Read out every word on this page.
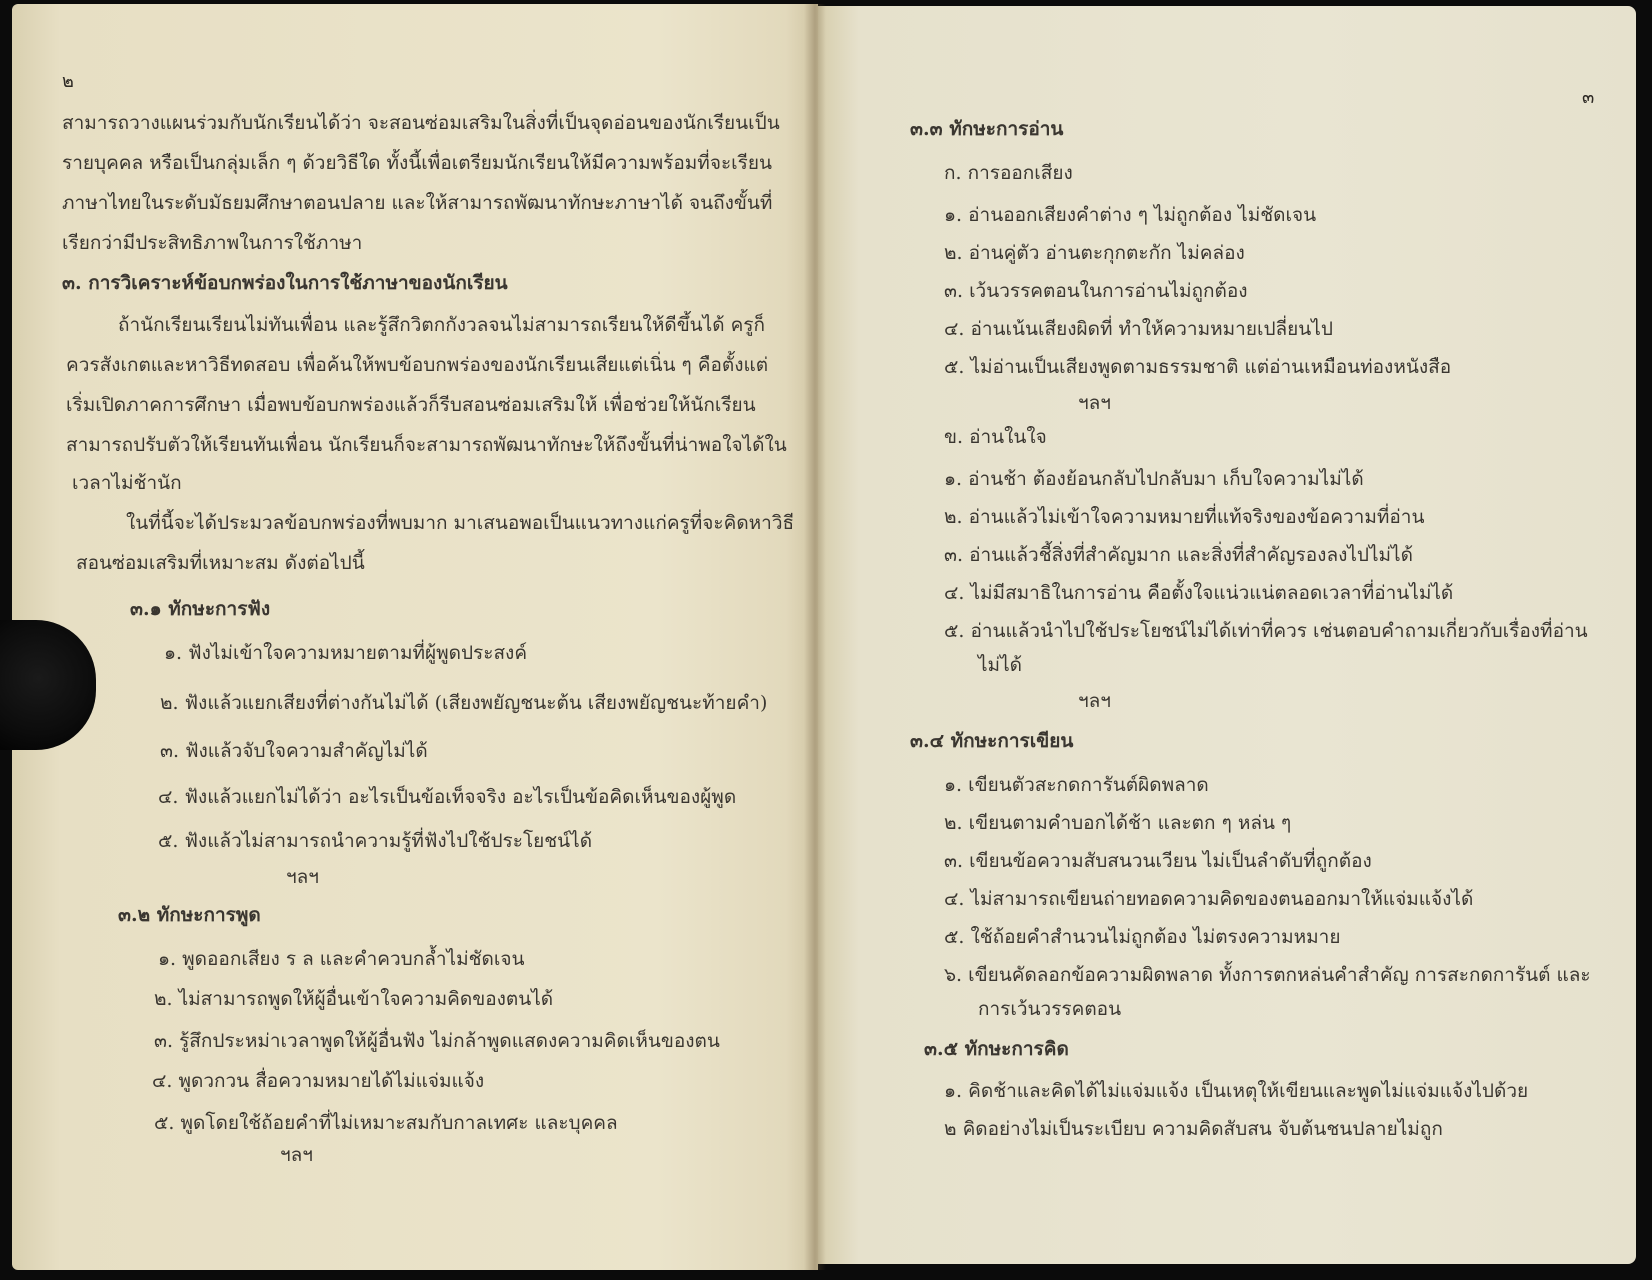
๒
สามารถวางแผนร่วมกับนักเรียนได้ว่า จะสอนซ่อมเสริมในสิ่งที่เป็นจุดอ่อนของนักเรียนเป็น
รายบุคคล หรือเป็นกลุ่มเล็ก ๆ ด้วยวิธีใด ทั้งนี้เพื่อเตรียมนักเรียนให้มีความพร้อมที่จะเรียน
ภาษาไทยในระดับมัธยมศึกษาตอนปลาย และให้สามารถพัฒนาทักษะภาษาได้ จนถึงขั้นที่
เรียกว่ามีประสิทธิภาพในการใช้ภาษา
๓. การวิเคราะห์ข้อบกพร่องในการใช้ภาษาของนักเรียน
ถ้านักเรียนเรียนไม่ทันเพื่อน และรู้สึกวิตกกังวลจนไม่สามารถเรียนให้ดีขึ้นได้ ครูก็
ควรสังเกตและหาวิธีทดสอบ เพื่อค้นให้พบข้อบกพร่องของนักเรียนเสียแต่เนิ่น ๆ คือตั้งแต่
เริ่มเปิดภาคการศึกษา เมื่อพบข้อบกพร่องแล้วก็รีบสอนซ่อมเสริมให้ เพื่อช่วยให้นักเรียน
สามารถปรับตัวให้เรียนทันเพื่อน นักเรียนก็จะสามารถพัฒนาทักษะให้ถึงขั้นที่น่าพอใจได้ใน
เวลาไม่ช้านัก
ในที่นี้จะได้ประมวลข้อบกพร่องที่พบมาก มาเสนอพอเป็นแนวทางแก่ครูที่จะคิดหาวิธี
สอนซ่อมเสริมที่เหมาะสม ดังต่อไปนี้
๓.๑ ทักษะการฟัง
๑. ฟังไม่เข้าใจความหมายตามที่ผู้พูดประสงค์
๒. ฟังแล้วแยกเสียงที่ต่างกันไม่ได้ (เสียงพยัญชนะต้น เสียงพยัญชนะท้ายคำ)
๓. ฟังแล้วจับใจความสำคัญไม่ได้
๔. ฟังแล้วแยกไม่ได้ว่า อะไรเป็นข้อเท็จจริง อะไรเป็นข้อคิดเห็นของผู้พูด
๕. ฟังแล้วไม่สามารถนำความรู้ที่ฟังไปใช้ประโยชน์ได้
ฯลฯ
๓.๒ ทักษะการพูด
๑. พูดออกเสียง ร ล และคำควบกล้ำไม่ชัดเจน
๒. ไม่สามารถพูดให้ผู้อื่นเข้าใจความคิดของตนได้
๓. รู้สึกประหม่าเวลาพูดให้ผู้อื่นฟัง ไม่กล้าพูดแสดงความคิดเห็นของตน
๔. พูดวกวน สื่อความหมายได้ไม่แจ่มแจ้ง
๕. พูดโดยใช้ถ้อยคำที่ไม่เหมาะสมกับกาลเทศะ และบุคคล
ฯลฯ
๓
๓.๓ ทักษะการอ่าน
ก. การออกเสียง
๑. อ่านออกเสียงคำต่าง ๆ ไม่ถูกต้อง ไม่ชัดเจน
๒. อ่านคู่ตัว อ่านตะกุกตะกัก ไม่คล่อง
๓. เว้นวรรคตอนในการอ่านไม่ถูกต้อง
๔. อ่านเน้นเสียงผิดที่ ทำให้ความหมายเปลี่ยนไป
๕. ไม่อ่านเป็นเสียงพูดตามธรรมชาติ แต่อ่านเหมือนท่องหนังสือ
ฯลฯ
ข. อ่านในใจ
๑. อ่านช้า ต้องย้อนกลับไปกลับมา เก็บใจความไม่ได้
๒. อ่านแล้วไม่เข้าใจความหมายที่แท้จริงของข้อความที่อ่าน
๓. อ่านแล้วชี้สิ่งที่สำคัญมาก และสิ่งที่สำคัญรองลงไปไม่ได้
๔. ไม่มีสมาธิในการอ่าน คือตั้งใจแน่วแน่ตลอดเวลาที่อ่านไม่ได้
๕. อ่านแล้วนำไปใช้ประโยชน์ไม่ได้เท่าที่ควร เช่นตอบคำถามเกี่ยวกับเรื่องที่อ่าน
ไม่ได้
ฯลฯ
๓.๔ ทักษะการเขียน
๑. เขียนตัวสะกดการันต์ผิดพลาด
๒. เขียนตามคำบอกได้ช้า และตก ๆ หล่น ๆ
๓. เขียนข้อความสับสนวนเวียน ไม่เป็นลำดับที่ถูกต้อง
๔. ไม่สามารถเขียนถ่ายทอดความคิดของตนออกมาให้แจ่มแจ้งได้
๕. ใช้ถ้อยคำสำนวนไม่ถูกต้อง ไม่ตรงความหมาย
๖. เขียนคัดลอกข้อความผิดพลาด ทั้งการตกหล่นคำสำคัญ การสะกดการันต์ และ
การเว้นวรรคตอน
๓.๕ ทักษะการคิด
๑. คิดช้าและคิดได้ไม่แจ่มแจ้ง เป็นเหตุให้เขียนและพูดไม่แจ่มแจ้งไปด้วย
๒ คิดอย่างไม่เป็นระเบียบ ความคิดสับสน จับต้นชนปลายไม่ถูก
